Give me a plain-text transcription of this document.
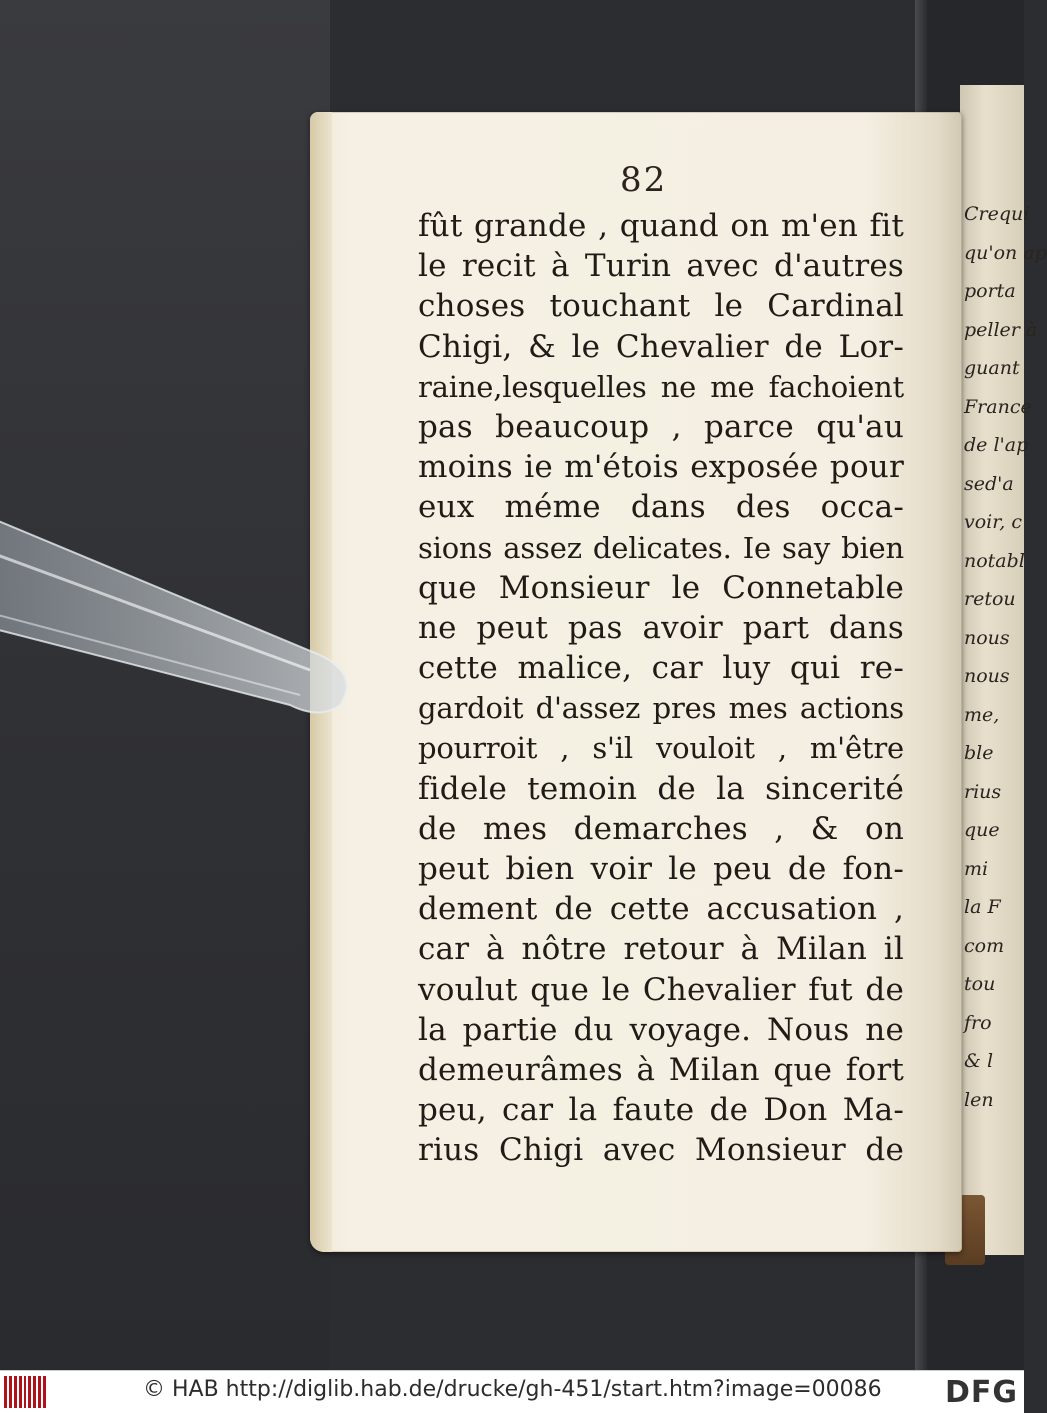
Crequi
qu'on ap
porta
peller à
guant
France
de l'ap
sed'a
voir, c
notabl
retou
nous
nous
me,
ble
rius
que
mi
la F
com
tou
fro
& l
len
82
fût grande , quand on m'en fit
le recit à Turin avec d'autres
choses touchant le Cardinal
Chigi, & le Chevalier de Lor-
raine,lesquelles ne me fachoient
pas beaucoup , parce qu'au
moins ie m'étois exposée pour
eux méme dans des occa-
sions assez delicates. Ie say bien
que Monsieur le Connetable
ne peut pas avoir part dans
cette malice, car luy qui re-
gardoit d'assez pres mes actions
pourroit , s'il vouloit , m'être
fidele temoin de la sincerité
de mes demarches , & on
peut bien voir le peu de fon-
dement de cette accusation ,
car à nôtre retour à Milan il
voulut que le Chevalier fut de
la partie du voyage. Nous ne
demeurâmes à Milan que fort
peu, car la faute de Don Ma-
rius Chigi avec Monsieur de
© HAB http://diglib.hab.de/drucke/gh-451/start.htm?image=00086 DFG
